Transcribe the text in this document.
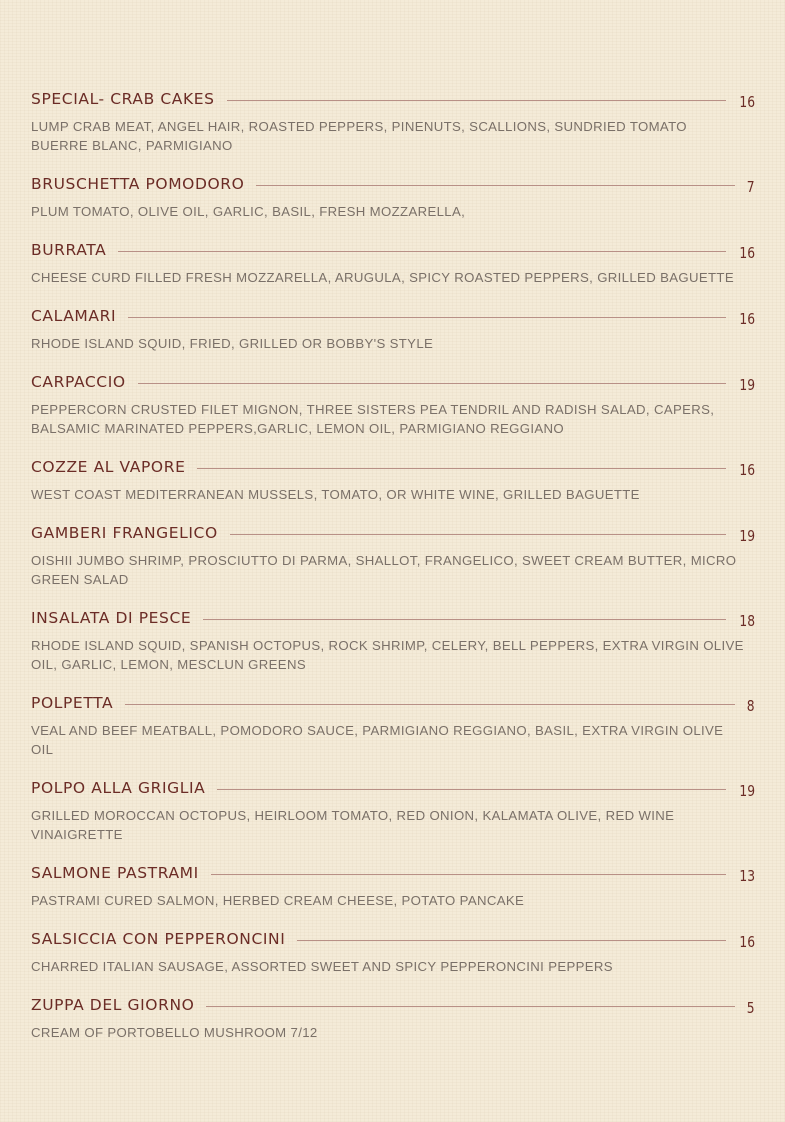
SPECIAL- CRAB CAKES	16
LUMP CRAB MEAT, ANGEL HAIR, ROASTED PEPPERS, PINENUTS, SCALLIONS, SUNDRIED TOMATO BUERRE BLANC, PARMIGIANO
BRUSCHETTA POMODORO	7
PLUM TOMATO, OLIVE OIL, GARLIC, BASIL, FRESH MOZZARELLA,
BURRATA	16
CHEESE CURD FILLED FRESH MOZZARELLA, ARUGULA, SPICY ROASTED PEPPERS, GRILLED BAGUETTE
CALAMARI	16
RHODE ISLAND SQUID, FRIED, GRILLED OR BOBBY'S STYLE
CARPACCIO	19
PEPPERCORN CRUSTED FILET MIGNON, THREE SISTERS PEA TENDRIL AND RADISH SALAD, CAPERS, BALSAMIC MARINATED PEPPERS,GARLIC, LEMON OIL, PARMIGIANO REGGIANO
COZZE AL VAPORE	16
WEST COAST MEDITERRANEAN MUSSELS, TOMATO, OR WHITE WINE, GRILLED BAGUETTE
GAMBERI FRANGELICO	19
OISHII JUMBO SHRIMP, PROSCIUTTO DI PARMA, SHALLOT, FRANGELICO, SWEET CREAM BUTTER, MICRO GREEN SALAD
INSALATA DI PESCE	18
RHODE ISLAND SQUID, SPANISH OCTOPUS, ROCK SHRIMP, CELERY, BELL PEPPERS, EXTRA VIRGIN OLIVE OIL, GARLIC, LEMON, MESCLUN GREENS
POLPETTA	8
VEAL AND BEEF MEATBALL, POMODORO SAUCE, PARMIGIANO REGGIANO, BASIL, EXTRA VIRGIN OLIVE OIL
POLPO ALLA GRIGLIA	19
GRILLED MOROCCAN OCTOPUS, HEIRLOOM TOMATO, RED ONION, KALAMATA OLIVE, RED WINE VINAIGRETTE
SALMONE PASTRAMI	13
PASTRAMI CURED SALMON, HERBED CREAM CHEESE, POTATO PANCAKE
SALSICCIA CON PEPPERONCINI	16
CHARRED ITALIAN SAUSAGE, ASSORTED SWEET AND SPICY PEPPERONCINI PEPPERS
ZUPPA DEL GIORNO	5
CREAM OF PORTOBELLO MUSHROOM 7/12
